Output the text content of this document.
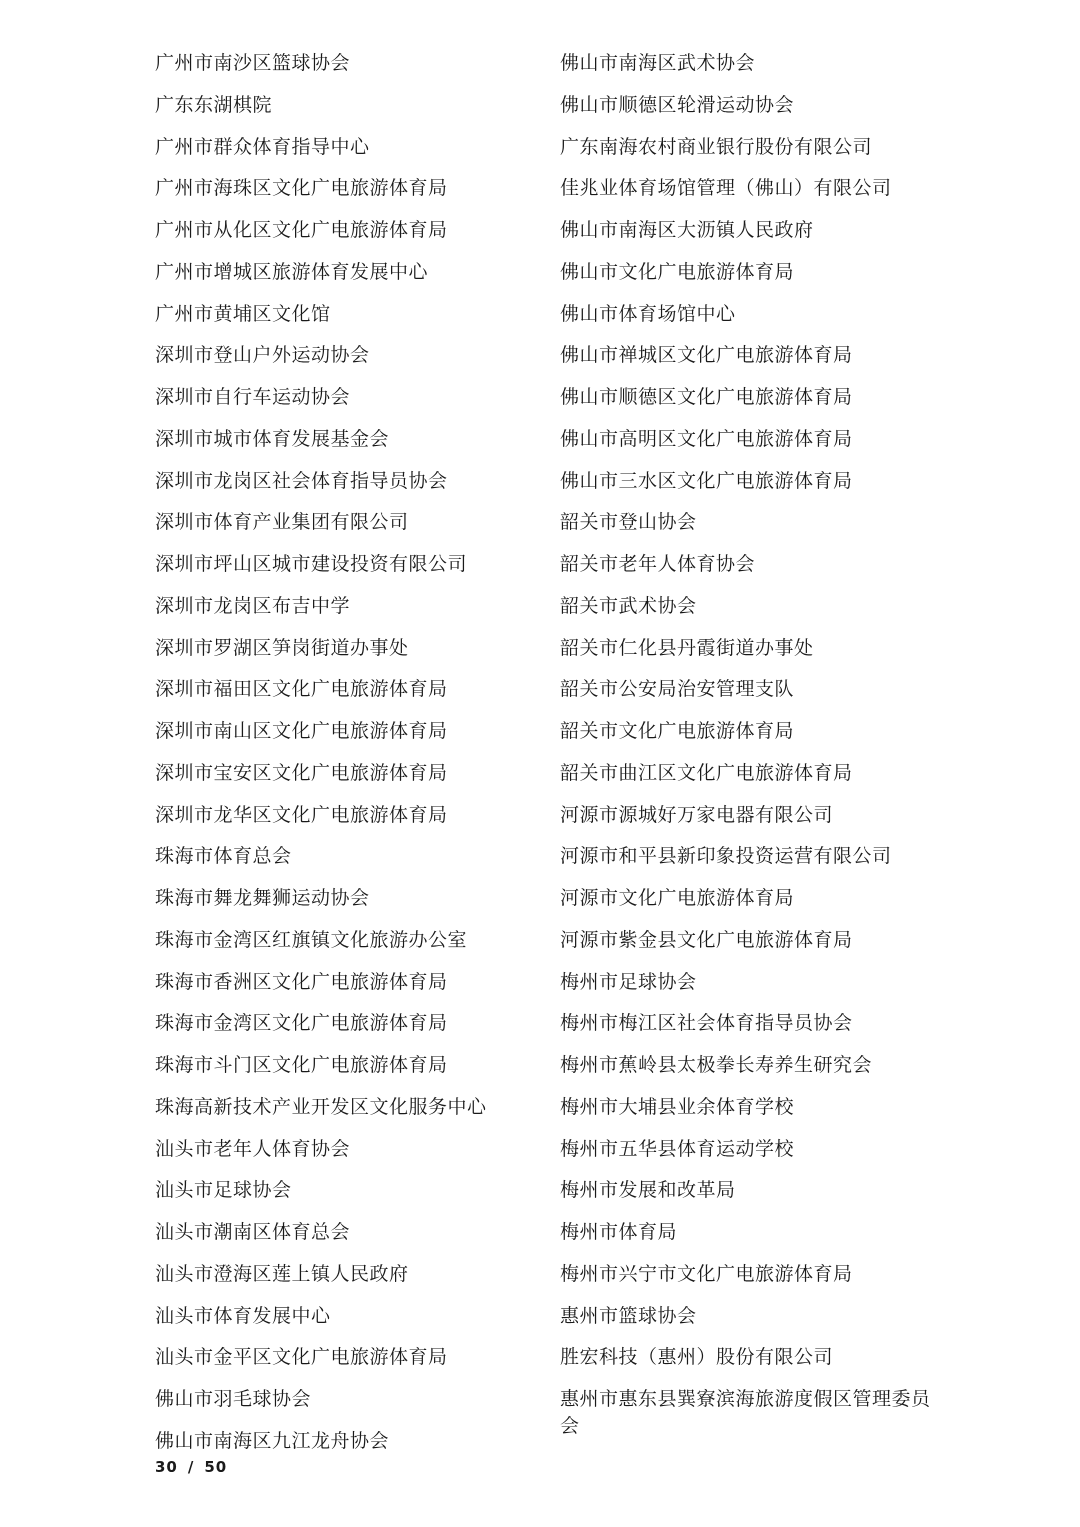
广州市南沙区篮球协会
广东东湖棋院
广州市群众体育指导中心
广州市海珠区文化广电旅游体育局
广州市从化区文化广电旅游体育局
广州市增城区旅游体育发展中心
广州市黄埔区文化馆
深圳市登山户外运动协会
深圳市自行车运动协会
深圳市城市体育发展基金会
深圳市龙岗区社会体育指导员协会
深圳市体育产业集团有限公司
深圳市坪山区城市建设投资有限公司
深圳市龙岗区布吉中学
深圳市罗湖区笋岗街道办事处
深圳市福田区文化广电旅游体育局
深圳市南山区文化广电旅游体育局
深圳市宝安区文化广电旅游体育局
深圳市龙华区文化广电旅游体育局
珠海市体育总会
珠海市舞龙舞狮运动协会
珠海市金湾区红旗镇文化旅游办公室
珠海市香洲区文化广电旅游体育局
珠海市金湾区文化广电旅游体育局
珠海市斗门区文化广电旅游体育局
珠海高新技术产业开发区文化服务中心
汕头市老年人体育协会
汕头市足球协会
汕头市潮南区体育总会
汕头市澄海区莲上镇人民政府
汕头市体育发展中心
汕头市金平区文化广电旅游体育局
佛山市羽毛球协会
佛山市南海区九江龙舟协会
佛山市南海区武术协会
佛山市顺德区轮滑运动协会
广东南海农村商业银行股份有限公司
佳兆业体育场馆管理（佛山）有限公司
佛山市南海区大沥镇人民政府
佛山市文化广电旅游体育局
佛山市体育场馆中心
佛山市禅城区文化广电旅游体育局
佛山市顺德区文化广电旅游体育局
佛山市高明区文化广电旅游体育局
佛山市三水区文化广电旅游体育局
韶关市登山协会
韶关市老年人体育协会
韶关市武术协会
韶关市仁化县丹霞街道办事处
韶关市公安局治安管理支队
韶关市文化广电旅游体育局
韶关市曲江区文化广电旅游体育局
河源市源城好万家电器有限公司
河源市和平县新印象投资运营有限公司
河源市文化广电旅游体育局
河源市紫金县文化广电旅游体育局
梅州市足球协会
梅州市梅江区社会体育指导员协会
梅州市蕉岭县太极拳长寿养生研究会
梅州市大埔县业余体育学校
梅州市五华县体育运动学校
梅州市发展和改革局
梅州市体育局
梅州市兴宁市文化广电旅游体育局
惠州市篮球协会
胜宏科技（惠州）股份有限公司
惠州市惠东县巽寮滨海旅游度假区管理委员会
30 / 50
